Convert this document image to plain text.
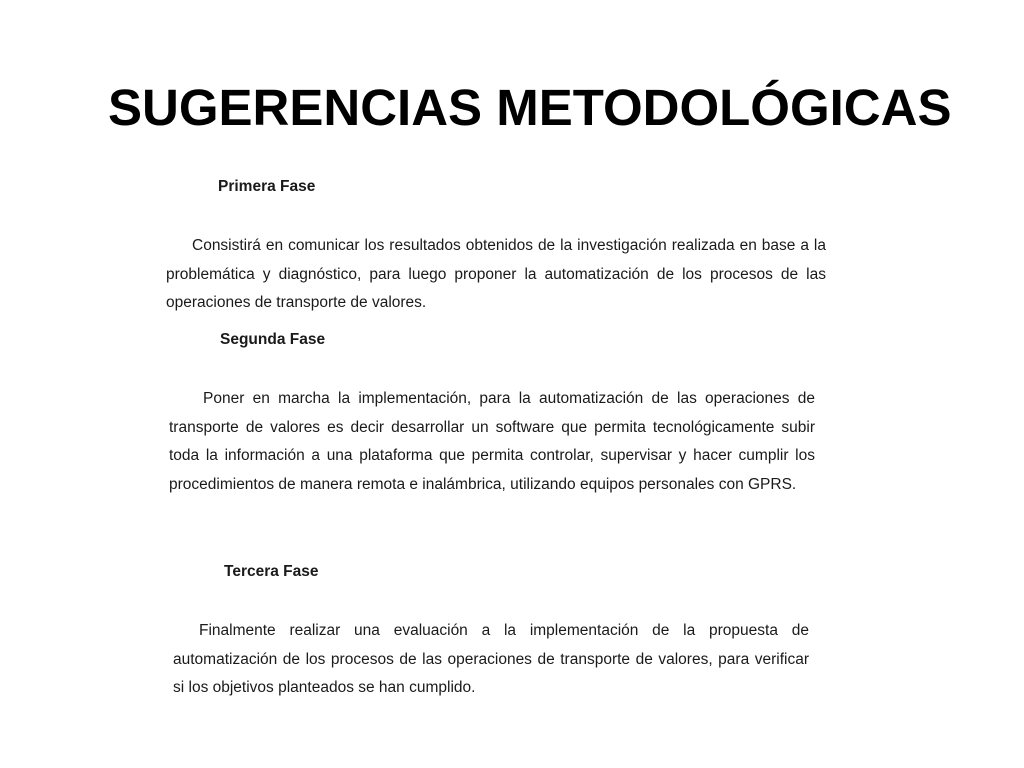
SUGERENCIAS METODOLÓGICAS
Primera Fase

Consistirá en comunicar los resultados obtenidos de la investigación realizada en base a la problemática y diagnóstico, para luego proponer la automatización de los procesos de las operaciones de transporte de valores.

Segunda Fase

Poner en marcha la implementación, para la automatización de las operaciones de transporte de valores es decir desarrollar un software que permita tecnológicamente subir toda la información a una plataforma que permita controlar, supervisar y hacer cumplir los procedimientos de manera remota e inalámbrica, utilizando equipos personales con GPRS.

Tercera Fase

Finalmente realizar una evaluación a la implementación de la propuesta de automatización de los procesos de las operaciones de transporte de valores, para verificar si los objetivos planteados se han cumplido.
